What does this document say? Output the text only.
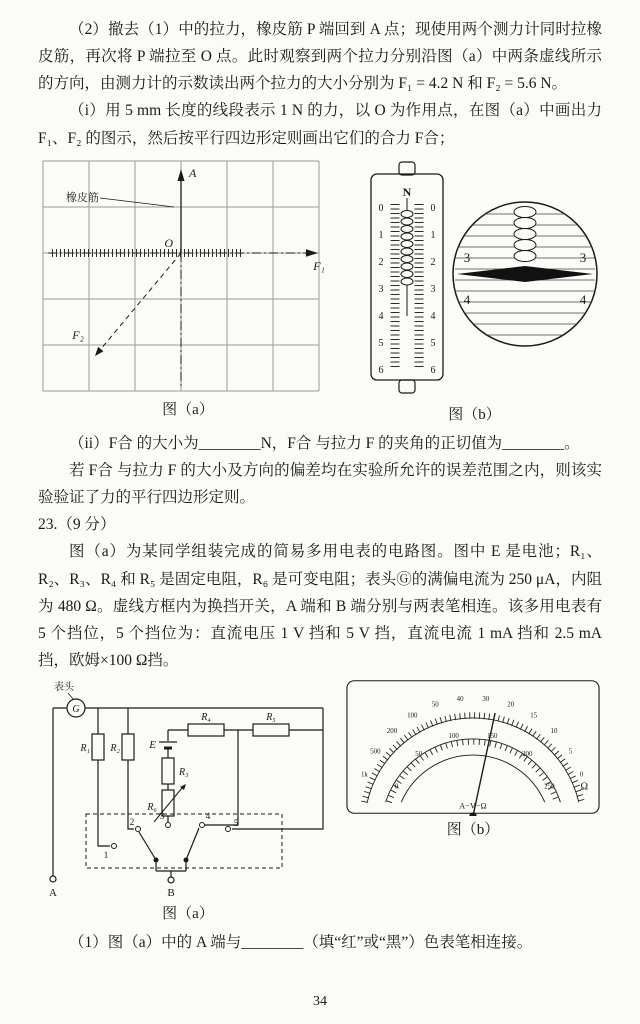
（2）撤去（1）中的拉力，橡皮筋 P 端回到 A 点；现使用两个测力计同时拉橡皮筋，再次将 P 端拉至 O 点。此时观察到两个拉力分别沿图（a）中两条虚线所示的方向，由测力计的示数读出两个拉力的大小分别为 F₁ = 4.2 N 和 F₂ = 5.6 N。

（i）用 5 mm 长度的线段表示 1 N 的力，以 O 为作用点，在图（a）中画出力 F₁、F₂ 的图示，然后按平行四边形定则画出它们的合力 F合；

A
橡皮筋
O
F₁
F₂
图（a）
N
0
1
2
3
4
5
6
0
1
2
3
4
5
6
3	3
4	4
图（b）

（ii）F合 的大小为________N，F合 与拉力 F 的夹角的正切值为________。

若 F合 与拉力 F 的大小及方向的偏差均在实验所允许的误差范围之内，则该实验验证了力的平行四边形定则。

23.（9 分）

图（a）为某同学组装完成的简易多用电表的电路图。图中 E 是电池；R₁、R₂、R₃、R₄ 和 R₅ 是固定电阻，R₆ 是可变电阻；表头Ⓖ的满偏电流为 250 μA，内阻为 480 Ω。虚线方框内为换挡开关，A 端和 B 端分别与两表笔相连。该多用电表有 5 个挡位，5 个挡位为：直流电压 1 V 挡和 5 V 挡，直流电流 1 mA 挡和 2.5 mA 挡，欧姆×100 Ω挡。

表头
G
R₁ R₂	E
R₃
R₆
R₄	R₅
1
2
3	4
5
A	B
图（a）
1k
500
200
100
50
40	30
20
15
10
5
0
0
50
100	150
200
250
A−V−Ω
Ω
图（b）

（1）图（a）中的 A 端与________（填“红”或“黑”）色表笔相连接。

34
